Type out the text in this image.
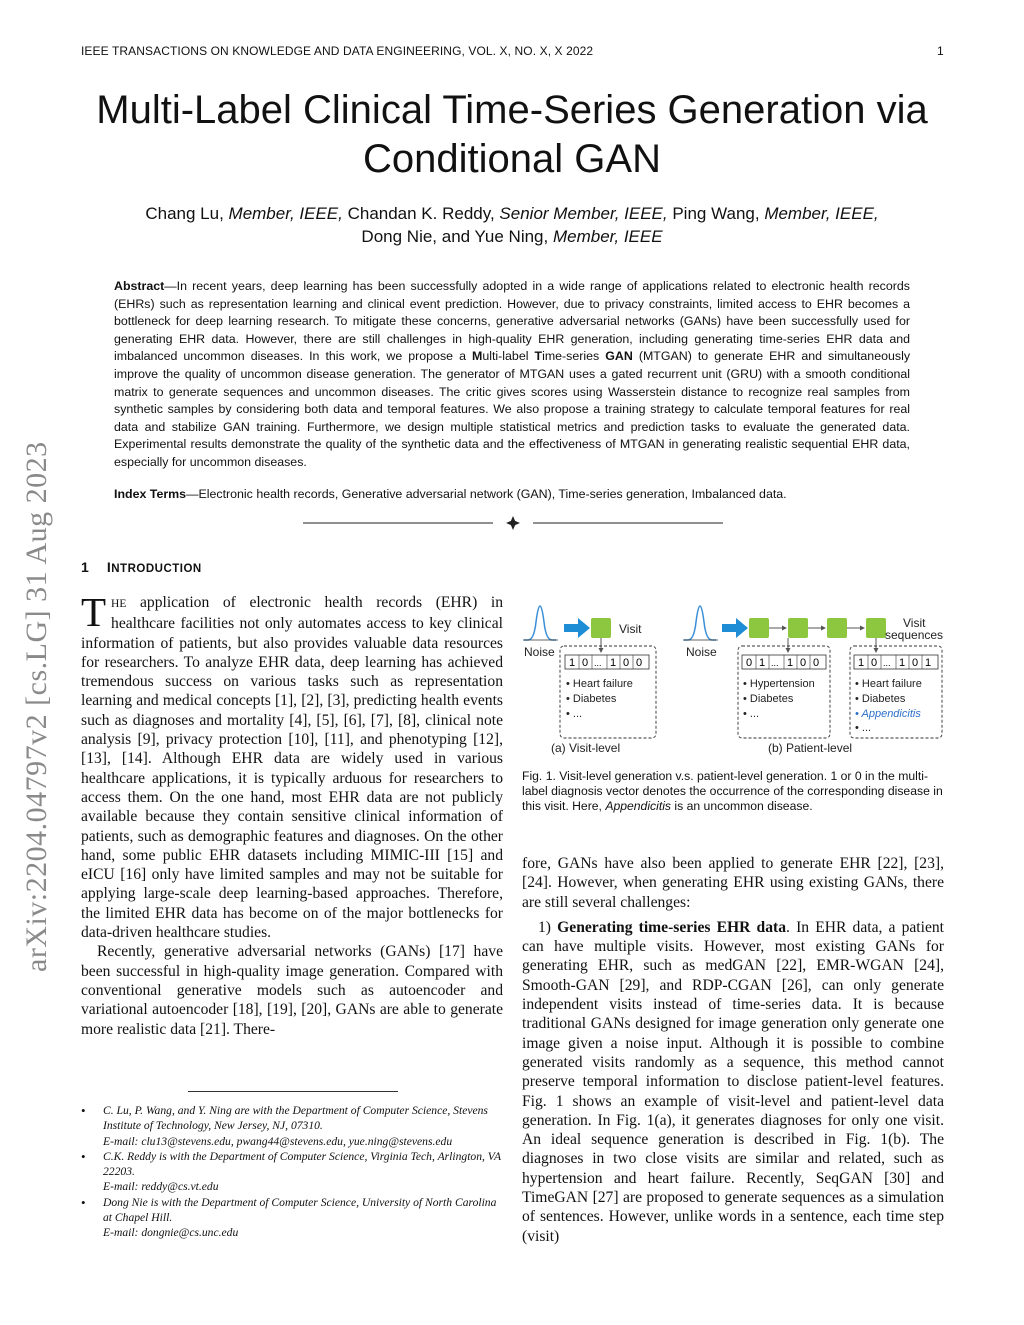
IEEE TRANSACTIONS ON KNOWLEDGE AND DATA ENGINEERING, VOL. X, NO. X, X 2022	1
Multi-Label Clinical Time-Series Generation via Conditional GAN
Chang Lu, Member, IEEE, Chandan K. Reddy, Senior Member, IEEE, Ping Wang, Member, IEEE,
Dong Nie, and Yue Ning, Member, IEEE
Abstract—In recent years, deep learning has been successfully adopted in a wide range of applications related to electronic health records (EHRs) such as representation learning and clinical event prediction. However, due to privacy constraints, limited access to EHR becomes a bottleneck for deep learning research. To mitigate these concerns, generative adversarial networks (GANs) have been successfully used for generating EHR data. However, there are still challenges in high-quality EHR generation, including generating time-series EHR data and imbalanced uncommon diseases. In this work, we propose a Multi-label Time-series GAN (MTGAN) to generate EHR and simultaneously improve the quality of uncommon disease generation. The generator of MTGAN uses a gated recurrent unit (GRU) with a smooth conditional matrix to generate sequences and uncommon diseases. The critic gives scores using Wasserstein distance to recognize real samples from synthetic samples by considering both data and temporal features. We also propose a training strategy to calculate temporal features for real data and stabilize GAN training. Furthermore, we design multiple statistical metrics and prediction tasks to evaluate the generated data. Experimental results demonstrate the quality of the synthetic data and the effectiveness of MTGAN in generating realistic sequential EHR data, especially for uncommon diseases.
Index Terms—Electronic health records, Generative adversarial network (GAN), Time-series generation, Imbalanced data.
1 INTRODUCTION

THE application of electronic health records (EHR) in healthcare facilities not only automates access to key clinical information of patients, but also provides valuable data resources for researchers. To analyze EHR data, deep learning has achieved tremendous success on various tasks such as representation learning and medical concepts [1], [2], [3], predicting health events such as diagnoses and mortality [4], [5], [6], [7], [8], clinical note analysis [9], privacy protection [10], [11], and phenotyping [12], [13], [14]. Although EHR data are widely used in various healthcare applications, it is typically arduous for researchers to access them. On the one hand, most EHR data are not publicly available because they contain sensitive clinical information of patients, such as demographic features and diagnoses. On the other hand, some public EHR datasets including MIMIC-III [15] and eICU [16] only have limited samples and may not be suitable for applying large-scale deep learning-based approaches. Therefore, the limited EHR data has become on of the major bottlenecks for data-driven healthcare studies.

Recently, generative adversarial networks (GANs) [17] have been successful in high-quality image generation. Compared with conventional generative models such as autoencoder and variational autoencoder [18], [19], [20], GANs are able to generate more realistic data [21]. There-

• C. Lu, P. Wang, and Y. Ning are with the Department of Computer Science, Stevens Institute of Technology, New Jersey, NJ, 07310.
E-mail: clu13@stevens.edu, pwang44@stevens.edu, yue.ning@stevens.edu
• C.K. Reddy is with the Department of Computer Science, Virginia Tech, Arlington, VA 22203.
E-mail: reddy@cs.vt.edu
• Dong Nie is with the Department of Computer Science, University of North Carolina at Chapel Hill.
E-mail: dongnie@cs.unc.edu
Noise
Visit
1 0 ... 1 0 0
• Heart failure
• Diabetes
• ...
(a) Visit-level
Noise
Visit
sequences
0 1 ... 1 0 0
• Hypertension
• Diabetes
• ...
1 0 ... 1 0 1
• Heart failure
• Diabetes
• Appendicitis
• ...
(b) Patient-level
Fig. 1. Visit-level generation v.s. patient-level generation. 1 or 0 in the multi-label diagnosis vector denotes the occurrence of the corresponding disease in this visit. Here, Appendicitis is an uncommon disease.

fore, GANs have also been applied to generate EHR [22], [23], [24]. However, when generating EHR using existing GANs, there are still several challenges:

1) Generating time-series EHR data. In EHR data, a patient can have multiple visits. However, most existing GANs for generating EHR, such as medGAN [22], EMR-WGAN [24], Smooth-GAN [29], and RDP-CGAN [26], can only generate independent visits instead of time-series data. It is because traditional GANs designed for image generation only generate one image given a noise input. Although it is possible to combine generated visits randomly as a sequence, this method cannot preserve temporal information to disclose patient-level features. Fig. 1 shows an example of visit-level and patient-level data generation. In Fig. 1(a), it generates diagnoses for only one visit. An ideal sequence generation is described in Fig. 1(b). The diagnoses in two close visits are similar and related, such as hypertension and heart failure. Recently, SeqGAN [30] and TimeGAN [27] are proposed to generate sequences as a simulation of sentences. However, unlike words in a sentence, each time step (visit)

arXiv:2204.04797v2 [cs.LG] 31 Aug 2023
